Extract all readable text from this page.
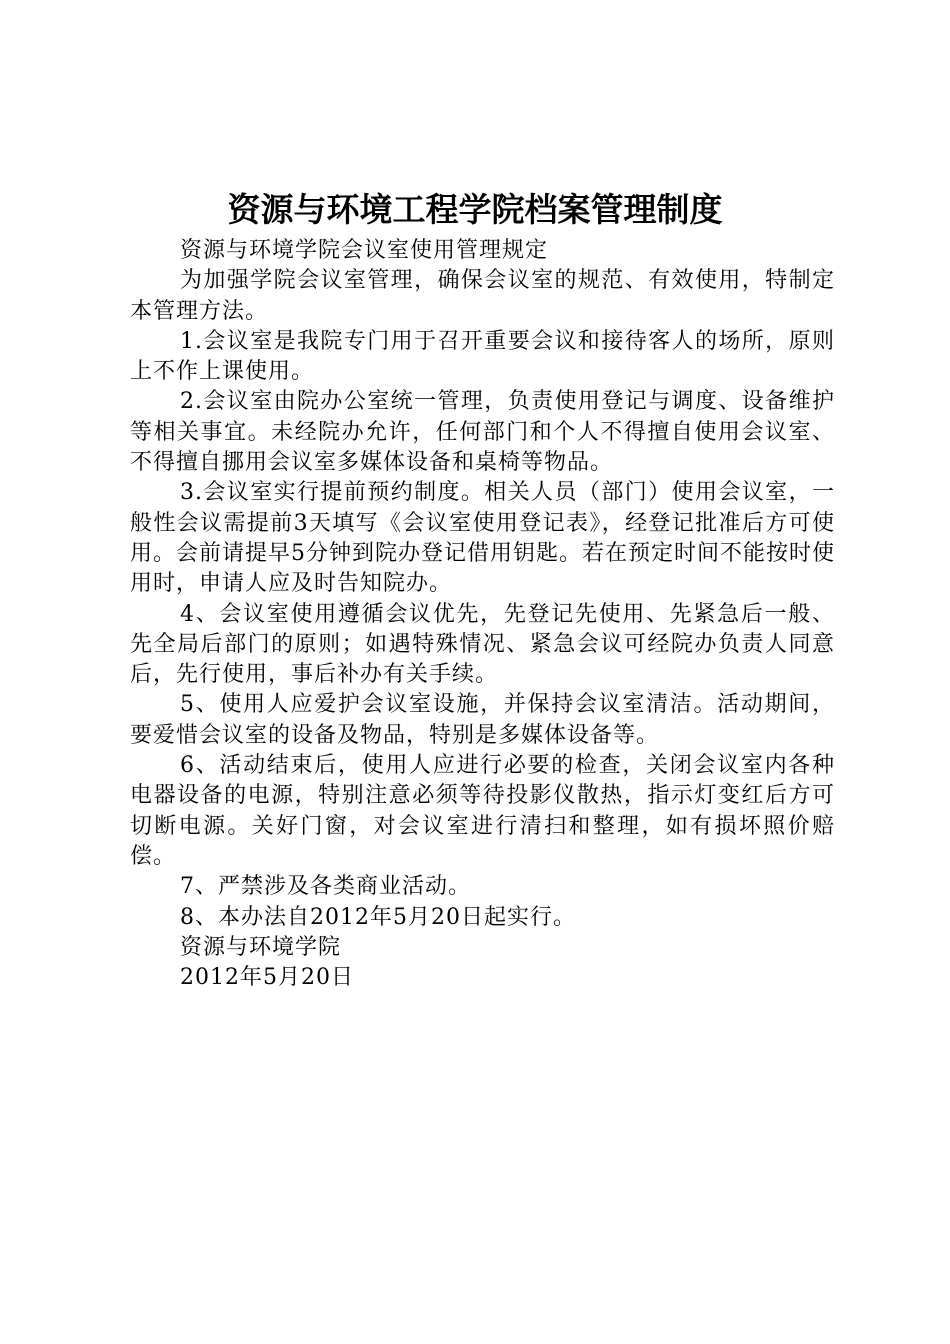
资源与环境工程学院档案管理制度

资源与环境学院会议室使用管理规定

为加强学院会议室管理，确保会议室的规范、有效使用，特制定本管理方法。

1.会议室是我院专门用于召开重要会议和接待客人的场所，原则上不作上课使用。

2.会议室由院办公室统一管理，负责使用登记与调度、设备维护等相关事宜。未经院办允许，任何部门和个人不得擅自使用会议室、不得擅自挪用会议室多媒体设备和桌椅等物品。

3.会议室实行提前预约制度。相关人员（部门）使用会议室，一般性会议需提前3天填写《会议室使用登记表》，经登记批准后方可使用。会前请提早5分钟到院办登记借用钥匙。若在预定时间不能按时使用时，申请人应及时告知院办。

4、会议室使用遵循会议优先，先登记先使用、先紧急后一般、先全局后部门的原则；如遇特殊情况、紧急会议可经院办负责人同意后，先行使用，事后补办有关手续。

5、使用人应爱护会议室设施，并保持会议室清洁。活动期间，要爱惜会议室的设备及物品，特别是多媒体设备等。

6、活动结束后，使用人应进行必要的检查，关闭会议室内各种电器设备的电源，特别注意必须等待投影仪散热，指示灯变红后方可切断电源。关好门窗，对会议室进行清扫和整理，如有损坏照价赔偿。

7、严禁涉及各类商业活动。

8、本办法自2012年5月20日起实行。

资源与环境学院

2012年5月20日
